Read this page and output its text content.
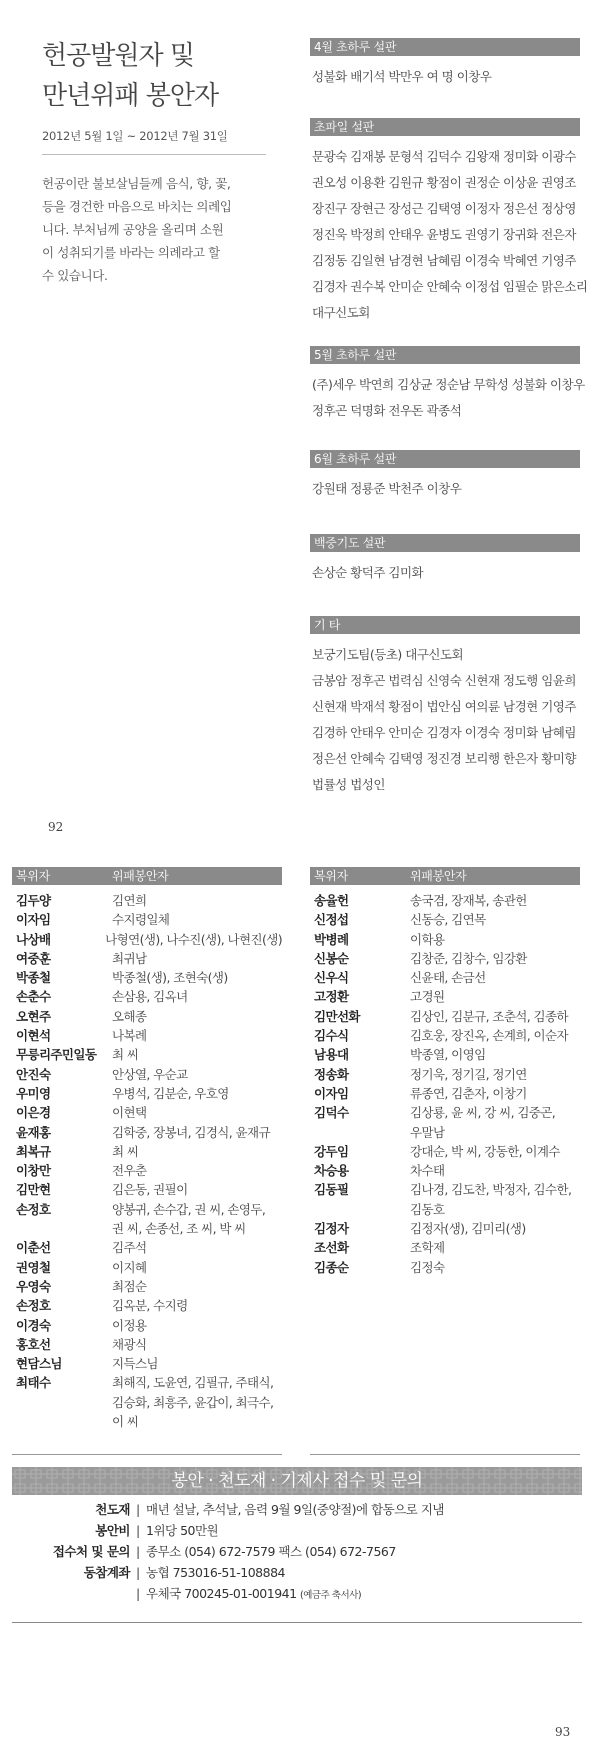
헌공발원자 및
만년위패 봉안자
2012년 5월 1일 ~ 2012년 7월 31일
헌공이란 불보살님들께 음식, 향, 꽃,
등을 경건한 마음으로 바치는 의례입
니다. 부처님께 공양을 올리며 소원
이 성취되기를 바라는 의례라고 할
수 있습니다.
4월 초하루 설판
성불화 배기석 박만우 여 명 이창우
초파일 설판
문광숙 김재봉 문형석 김덕수 김왕재 정미화 이광수
권오성 이용환 김원규 황점이 권정순 이상윤 권영조
장진구 장현근 장성근 김택영 이정자 정은선 정상영
정진욱 박정희 안태우 윤병도 권영기 장귀화 전은자
김정동 김일현 남경현 남혜림 이경숙 박혜연 기영주
김경자 권수복 안미순 안혜숙 이정섭 임필순 맑은소리
대구신도회
5월 초하루 설판
(주)세우 박연희 김상균 정순남 무학성 성불화 이창우
정후곤 덕명화 전우돈 곽종석
6월 초하루 설판
강원태 정룡준 박천주 이창우
백중기도 설판
손상순 황덕주 김미화
기 타
보궁기도팀(등초) 대구신도회
금봉암 정후곤 법력심 신영숙 신현재 정도행 임윤희
신현재 박재석 황점이 법안심 여의륜 남경현 기영주
김경하 안태우 안미순 김경자 이경숙 정미화 남혜림
정은선 안혜숙 김택영 정진경 보리행 한은자 황미향
법률성 법성인
92
복위자	위패봉안자
김두양	김연희
이자임	수지령일체
나상배	나형연(생), 나수진(생), 나현진(생)
여중훈	최귀남
박종철	박종철(생), 조현숙(생)
손춘수	손삼용, 김옥녀
오현주	오해종
이현석	나복례
무릉리주민일동	최 씨
안진숙	안상열, 우순교
우미영	우병석, 김분순, 우호영
이은경	이현택
윤재홍	김학중, 장봉녀, 김경식, 윤재규
최복규	최 씨
이창만	전우춘
김만현	김은동, 권필이
손정호	양봉귀, 손수갑, 권 씨, 손영두,
권 씨, 손종선, 조 씨, 박 씨
이춘선	김주석
권영철	이지혜
우영숙	최점순
손정호	김옥분, 수지령
이경숙	이정용
홍호선	채광식
현담스님	지득스님
최태수	최해직, 도윤연, 김필규, 주태식,
김승화, 최흥주, 윤갑이, 최극수,
이 씨
복위자	위패봉안자
송율헌	송국겸, 장재복, 송관헌
신정섭	신동승, 김연목
박병례	이학용
신봉순	김창준, 김창수, 임강환
신우식	신윤태, 손금선
고정환	고경원
김만선화	김상인, 김분규, 조춘석, 김종하
김수식	김호웅, 장진옥, 손계희, 이순자
남용대	박종열, 이영임
정송화	정기욱, 정기길, 정기연
이자임	류종연, 김춘자, 이창기
김덕수	김상룡, 윤 씨, 강 씨, 김중곤,
우말남
강두임	강대순, 박 씨, 강동한, 이계수
차승용	차수태
김동필	김나경, 김도찬, 박정자, 김수한,
김동호
김정자	김정자(생), 김미리(생)
조선화	조학제
김종순	김정숙
봉안 · 천도재 · 기제사 접수 및 문의
천도재 | 매년 설날, 추석날, 음력 9월 9일(중양절)에 합동으로 지냄
봉안비 | 1위당 50만원
접수처 및 문의 | 종무소 (054) 672-7579 팩스 (054) 672-7567
동참계좌 | 농협 753016-51-108884
| 우체국 700245-01-001941 (예금주 축서사)
93
